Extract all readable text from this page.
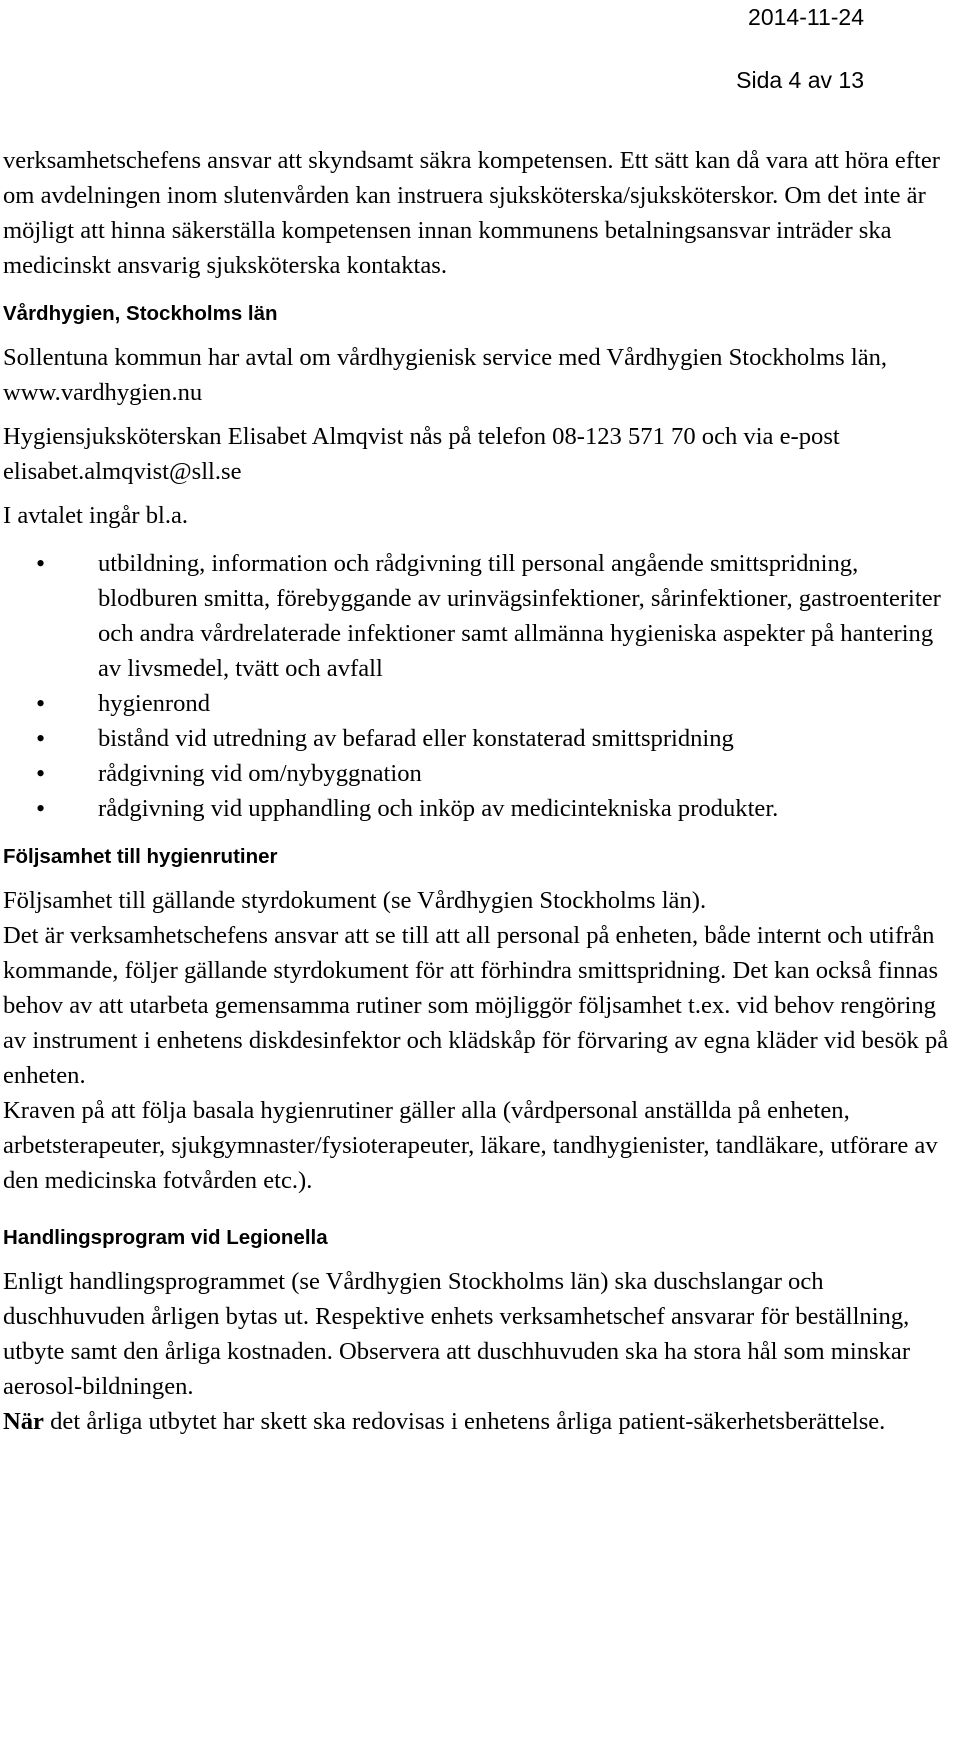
2014-11-24
Sida 4 av 13

verksamhetschefens ansvar att skyndsamt säkra kompetensen. Ett sätt kan då vara att höra efter om avdelningen inom slutenvården kan instruera sjuksköterska/sjuksköterskor. Om det inte är möjligt att hinna säkerställa kompetensen innan kommunens betalningsansvar inträder ska medicinskt ansvarig sjuksköterska kontaktas.

Vårdhygien, Stockholms län

Sollentuna kommun har avtal om vårdhygienisk service med Vårdhygien Stockholms län, www.vardhygien.nu

Hygiensjuksköterskan Elisabet Almqvist nås på telefon 08-123 571 70 och via e-post elisabet.almqvist@sll.se

I avtalet ingår bl.a.

• utbildning, information och rådgivning till personal angående smittspridning, blodburen smitta, förebyggande av urinvägsinfektioner, sårinfektioner, gastroenteriter och andra vårdrelaterade infektioner samt allmänna hygieniska aspekter på hantering av livsmedel, tvätt och avfall
• hygienrond
• bistånd vid utredning av befarad eller konstaterad smittspridning
• rådgivning vid om/nybyggnation
• rådgivning vid upphandling och inköp av medicintekniska produkter.

Följsamhet till hygienrutiner

Följsamhet till gällande styrdokument (se Vårdhygien Stockholms län).

Det är verksamhetschefens ansvar att se till att all personal på enheten, både internt och utifrån kommande, följer gällande styrdokument för att förhindra smittspridning. Det kan också finnas behov av att utarbeta gemensamma rutiner som möjliggör följsamhet t.ex. vid behov rengöring av instrument i enhetens diskdesinfektor och klädskåp för förvaring av egna kläder vid besök på enheten.

Kraven på att följa basala hygienrutiner gäller alla (vårdpersonal anställda på enheten, arbetsterapeuter, sjukgymnaster/fysioterapeuter, läkare, tandhygienister, tandläkare, utförare av den medicinska fotvården etc.).

Handlingsprogram vid Legionella

Enligt handlingsprogrammet (se Vårdhygien Stockholms län) ska duschslangar och duschhuvuden årligen bytas ut. Respektive enhets verksamhetschef ansvarar för beställning, utbyte samt den årliga kostnaden. Observera att duschhuvuden ska ha stora hål som minskar aerosol-bildningen.

När det årliga utbytet har skett ska redovisas i enhetens årliga patient-säkerhetsberättelse.
